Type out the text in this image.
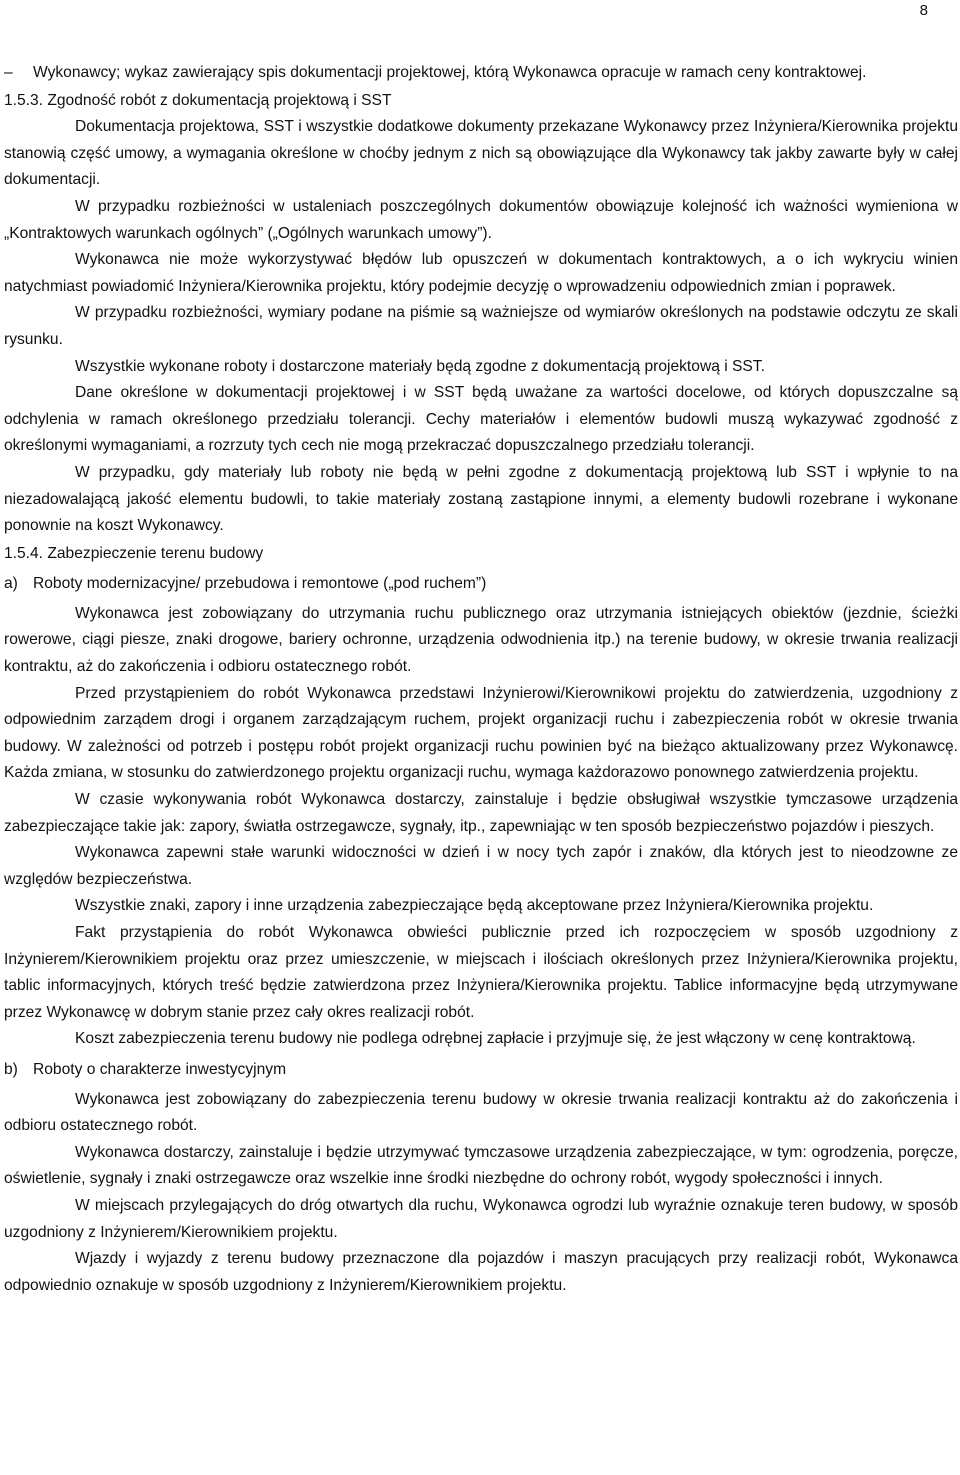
8

– Wykonawcy; wykaz zawierający spis dokumentacji projektowej, którą Wykonawca opracuje w ramach ceny kontraktowej.

1.5.3. Zgodność robót z dokumentacją projektową i SST

Dokumentacja projektowa, SST i wszystkie dodatkowe dokumenty przekazane Wykonawcy przez Inżyniera/Kierownika projektu stanowią część umowy, a wymagania określone w choćby jednym z nich są obowiązujące dla Wykonawcy tak jakby zawarte były w całej dokumentacji.

W przypadku rozbieżności w ustaleniach poszczególnych dokumentów obowiązuje kolejność ich ważności wymieniona w „Kontraktowych warunkach ogólnych” („Ogólnych warunkach umowy”).

Wykonawca nie może wykorzystywać błędów lub opuszczeń w dokumentach kontraktowych, a o ich wykryciu winien natychmiast powiadomić Inżyniera/Kierownika projektu, który podejmie decyzję o wprowadzeniu odpowiednich zmian i poprawek.

W przypadku rozbieżności, wymiary podane na piśmie są ważniejsze od wymiarów określonych na podstawie odczytu ze skali rysunku.

Wszystkie wykonane roboty i dostarczone materiały będą zgodne z dokumentacją projektową i SST.

Dane określone w dokumentacji projektowej i w SST będą uważane za wartości docelowe, od których dopuszczalne są odchylenia w ramach określonego przedziału tolerancji. Cechy materiałów i elementów budowli muszą wykazywać zgodność z określonymi wymaganiami, a rozrzuty tych cech nie mogą przekraczać dopuszczalnego przedziału tolerancji.

W przypadku, gdy materiały lub roboty nie będą w pełni zgodne z dokumentacją projektową lub SST i wpłynie to na niezadowalającą jakość elementu budowli, to takie materiały zostaną zastąpione innymi, a elementy budowli rozebrane i wykonane ponownie na koszt Wykonawcy.

1.5.4. Zabezpieczenie terenu budowy

a) Roboty modernizacyjne/ przebudowa i remontowe („pod ruchem”)

Wykonawca jest zobowiązany do utrzymania ruchu publicznego oraz utrzymania istniejących obiektów (jezdnie, ścieżki rowerowe, ciągi piesze, znaki drogowe, bariery ochronne, urządzenia odwodnienia itp.) na terenie budowy, w okresie trwania realizacji kontraktu, aż do zakończenia i odbioru ostatecznego robót.

Przed przystąpieniem do robót Wykonawca przedstawi Inżynierowi/Kierownikowi projektu do zatwierdzenia, uzgodniony z odpowiednim zarządem drogi i organem zarządzającym ruchem, projekt organizacji ruchu i zabezpieczenia robót w okresie trwania budowy. W zależności od potrzeb i postępu robót projekt organizacji ruchu powinien być na bieżąco aktualizowany przez Wykonawcę. Każda zmiana, w stosunku do zatwierdzonego projektu organizacji ruchu, wymaga każdorazowo ponownego zatwierdzenia projektu.

W czasie wykonywania robót Wykonawca dostarczy, zainstaluje i będzie obsługiwał wszystkie tymczasowe urządzenia zabezpieczające takie jak: zapory, światła ostrzegawcze, sygnały, itp., zapewniając w ten sposób bezpieczeństwo pojazdów i pieszych.

Wykonawca zapewni stałe warunki widoczności w dzień i w nocy tych zapór i znaków, dla których jest to nieodzowne ze względów bezpieczeństwa.

Wszystkie znaki, zapory i inne urządzenia zabezpieczające będą akceptowane przez Inżyniera/Kierownika projektu.

Fakt przystąpienia do robót Wykonawca obwieści publicznie przed ich rozpoczęciem w sposób uzgodniony z Inżynierem/Kierownikiem projektu oraz przez umieszczenie, w miejscach i ilościach określonych przez Inżyniera/Kierownika projektu, tablic informacyjnych, których treść będzie zatwierdzona przez Inżyniera/Kierownika projektu. Tablice informacyjne będą utrzymywane przez Wykonawcę w dobrym stanie przez cały okres realizacji robót.

Koszt zabezpieczenia terenu budowy nie podlega odrębnej zapłacie i przyjmuje się, że jest włączony w cenę kontraktową.

b) Roboty o charakterze inwestycyjnym

Wykonawca jest zobowiązany do zabezpieczenia terenu budowy w okresie trwania realizacji kontraktu aż do zakończenia i odbioru ostatecznego robót.

Wykonawca dostarczy, zainstaluje i będzie utrzymywać tymczasowe urządzenia zabezpieczające, w tym: ogrodzenia, poręcze, oświetlenie, sygnały i znaki ostrzegawcze oraz wszelkie inne środki niezbędne do ochrony robót, wygody społeczności i innych.

W miejscach przylegających do dróg otwartych dla ruchu, Wykonawca ogrodzi lub wyraźnie oznakuje teren budowy, w sposób uzgodniony z Inżynierem/Kierownikiem projektu.

Wjazdy i wyjazdy z terenu budowy przeznaczone dla pojazdów i maszyn pracujących przy realizacji robót, Wykonawca odpowiednio oznakuje w sposób uzgodniony z Inżynierem/Kierownikiem projektu.
